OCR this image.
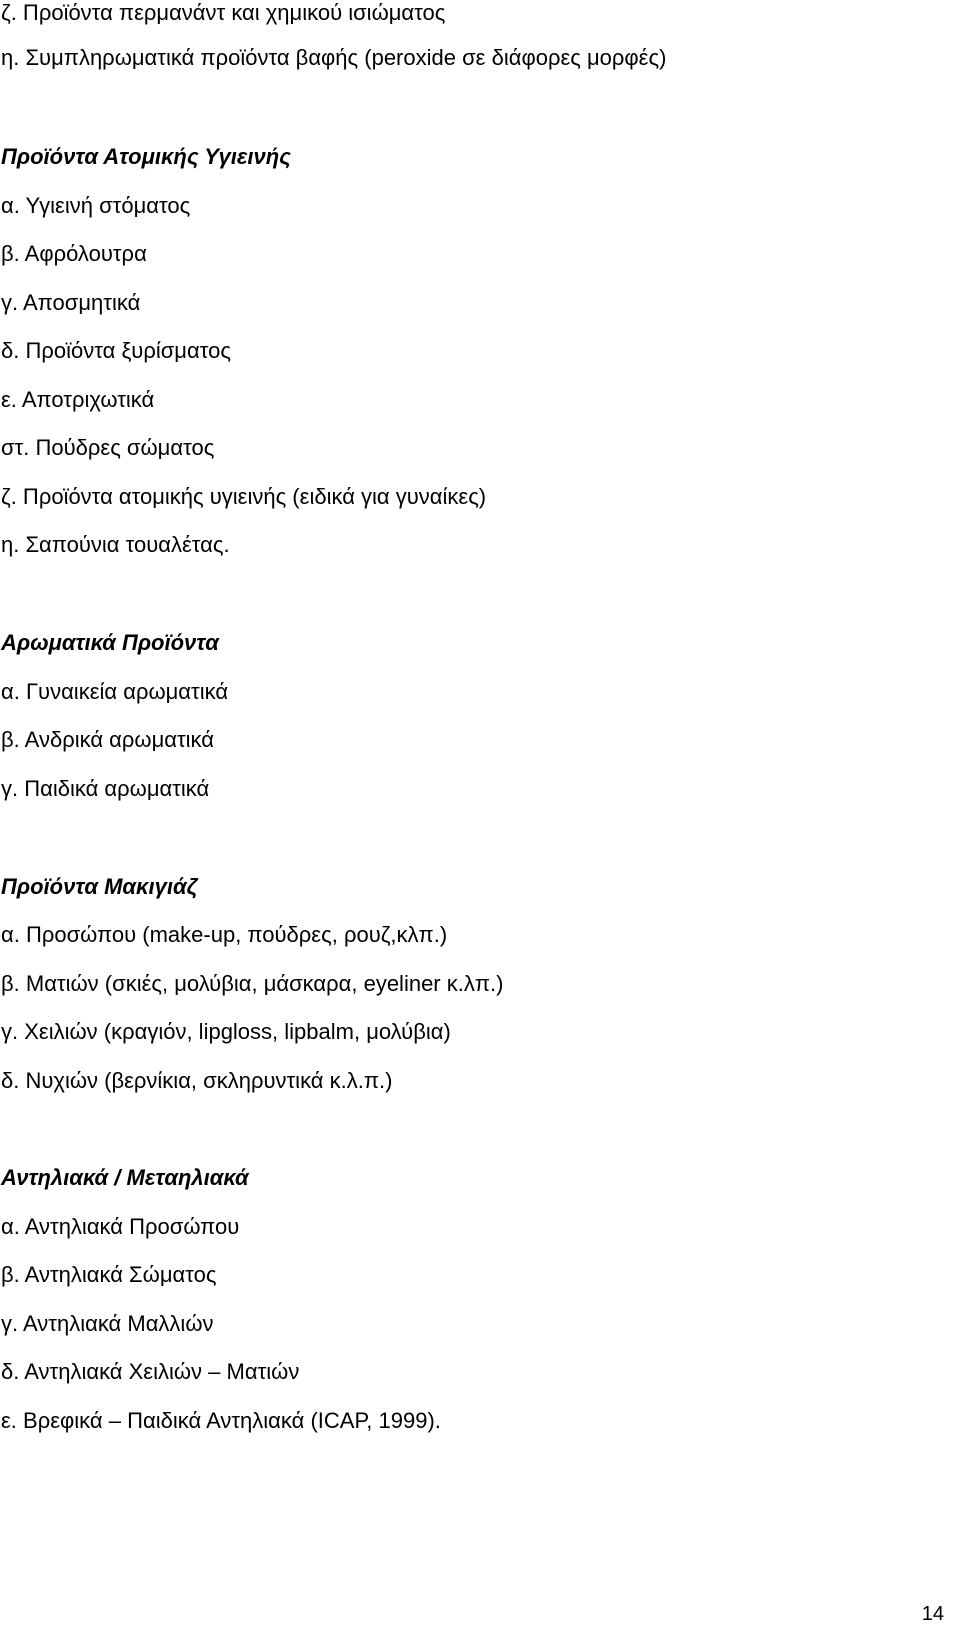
ζ. Προϊόντα περμανάντ και χημικού ισιώματος
η. Συμπληρωματικά προϊόντα βαφής (peroxide σε διάφορες μορφές)
Προϊόντα Ατομικής Υγιεινής
α. Υγιεινή στόματος
β. Αφρόλουτρα
γ. Αποσμητικά
δ. Προϊόντα ξυρίσματος
ε. Αποτριχωτικά
στ. Πούδρες σώματος
ζ. Προϊόντα ατομικής υγιεινής (ειδικά για γυναίκες)
η. Σαπούνια τουαλέτας.
Αρωματικά Προϊόντα
α. Γυναικεία αρωματικά
β. Ανδρικά αρωματικά
γ. Παιδικά αρωματικά
Προϊόντα Μακιγιάζ
α. Προσώπου (make-up, πούδρες, ρουζ,κλπ.)
β. Ματιών (σκιές, μολύβια, μάσκαρα, eyeliner κ.λπ.)
γ. Χειλιών (κραγιόν, lipgloss, lipbalm, μολύβια)
δ. Νυχιών (βερνίκια, σκληρυντικά κ.λ.π.)
Αντηλιακά / Μεταηλιακά
α. Αντηλιακά Προσώπου
β. Αντηλιακά Σώματος
γ. Αντηλιακά Μαλλιών
δ. Αντηλιακά Χειλιών – Ματιών
ε. Βρεφικά – Παιδικά Αντηλιακά (ICAP, 1999).
14
